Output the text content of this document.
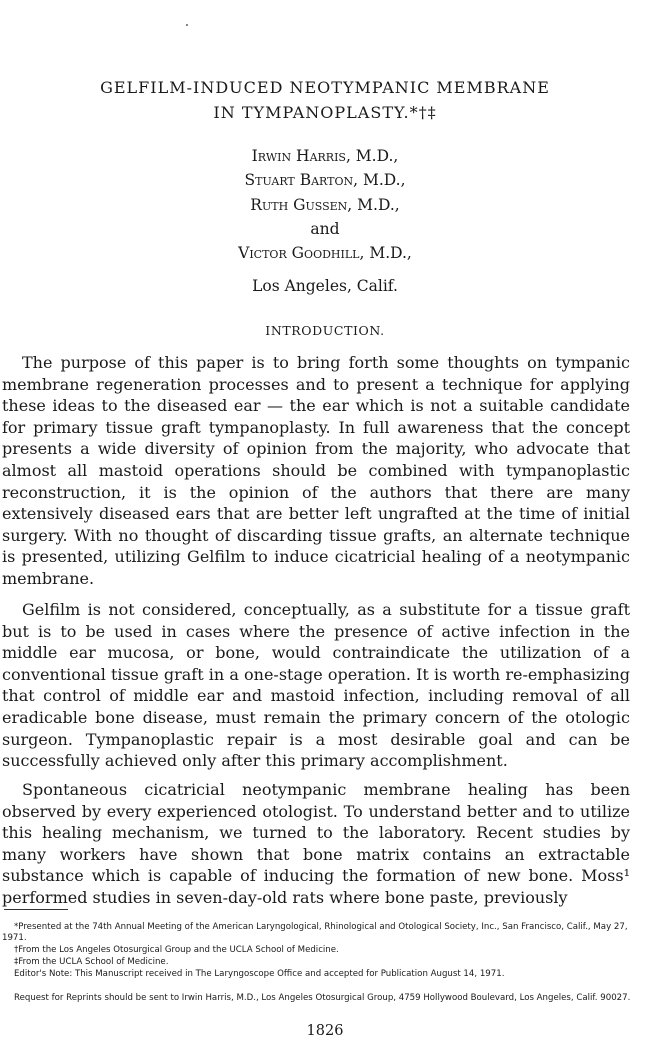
GELFILM-INDUCED NEOTYMPANIC MEMBRANE
IN TYMPANOPLASTY.*†‡
Irwin Harris, M.D.,
Stuart Barton, M.D.,
Ruth Gussen, M.D.,
and
Victor Goodhill, M.D.,
Los Angeles, Calif.
INTRODUCTION.

The purpose of this paper is to bring forth some thoughts on tympanic membrane regeneration processes and to present a technique for applying these ideas to the diseased ear — the ear which is not a suitable candidate for primary tissue graft tympanoplasty. In full awareness that the concept presents a wide diversity of opinion from the majority, who advocate that almost all mastoid operations should be combined with tympanoplastic reconstruction, it is the opinion of the authors that there are many extensively diseased ears that are better left ungrafted at the time of initial surgery. With no thought of discarding tissue grafts, an alternate technique is presented, utilizing Gelfilm to induce cicatricial healing of a neotympanic membrane.

Gelfilm is not considered, conceptually, as a substitute for a tissue graft but is to be used in cases where the presence of active infection in the middle ear mucosa, or bone, would contraindicate the utilization of a conventional tissue graft in a one-stage operation. It is worth re-emphasizing that control of middle ear and mastoid infection, including removal of all eradicable bone disease, must remain the primary concern of the otologic surgeon. Tympanoplastic repair is a most desirable goal and can be successfully achieved only after this primary accomplishment.

Spontaneous cicatricial neotympanic membrane healing has been observed by every experienced otologist. To understand better and to utilize this healing mechanism, we turned to the laboratory. Recent studies by many workers have shown that bone matrix contains an extractable substance which is capable of inducing the formation of new bone. Moss¹ performed studies in seven-day-old rats where bone paste, previously

*Presented at the 74th Annual Meeting of the American Laryngological, Rhinological and Otological Society, Inc., San Francisco, Calif., May 27, 1971.

†From the Los Angeles Otosurgical Group and the UCLA School of Medicine.

‡From the UCLA School of Medicine.

Editor's Note: This Manuscript received in The Laryngoscope Office and accepted for Publication August 14, 1971.

Request for Reprints should be sent to Irwin Harris, M.D., Los Angeles Otosurgical Group, 4759 Hollywood Boulevard, Los Angeles, Calif. 90027.

1826
